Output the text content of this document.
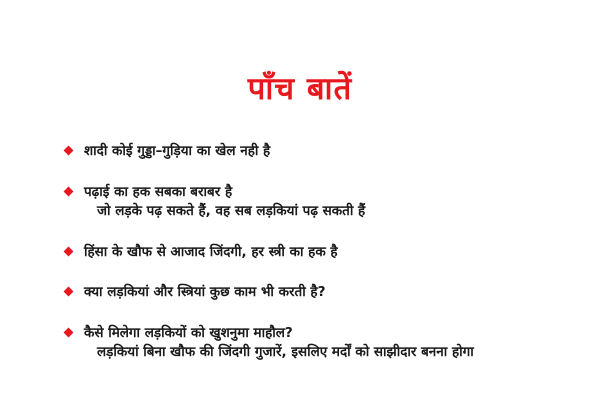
पाँच बातें
शादी कोई गुड्डा–गुड़िया का खेल नही है
पढ़ाई का हक सबका बराबर है
जो लड़के पढ़ सकते हैं, वह सब लड़कियां पढ़ सकती हैं
हिंसा के खौफ से आजाद जिंदगी, हर स्त्री का हक है
क्या लड़कियां और स्त्रियां कुछ काम भी करती है?
कैसे मिलेगा लड़कियों को खुशनुमा माहौल?
लड़कियां बिना खौफ की जिंदगी गुजारें, इसलिए मर्दों को साझीदार बनना होगा
